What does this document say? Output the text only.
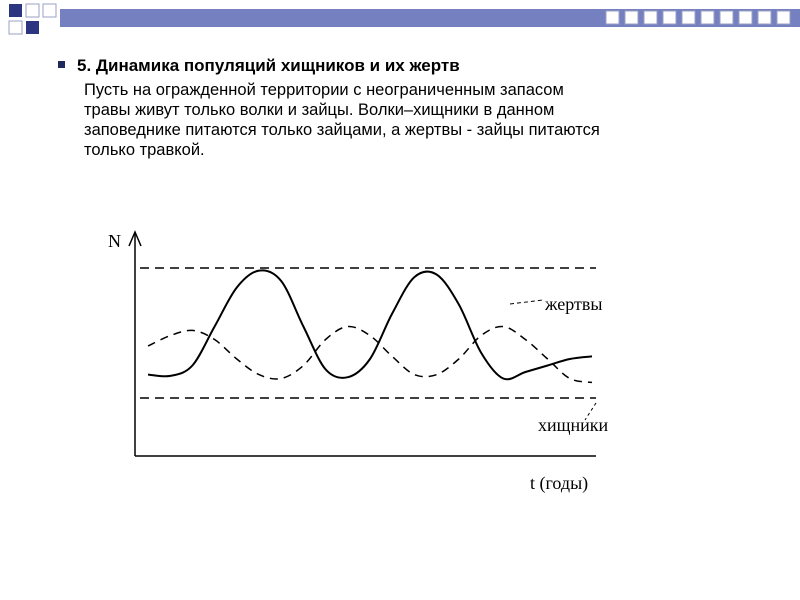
5. Динамика популяций хищников и их жертв

Пусть на огражденной территории с неограниченным запасом травы живут только волки и зайцы. Волки–хищники в данном заповеднике питаются только зайцами, а жертвы - зайцы питаются только травкой.

N
t (годы)
жертвы
хищники
